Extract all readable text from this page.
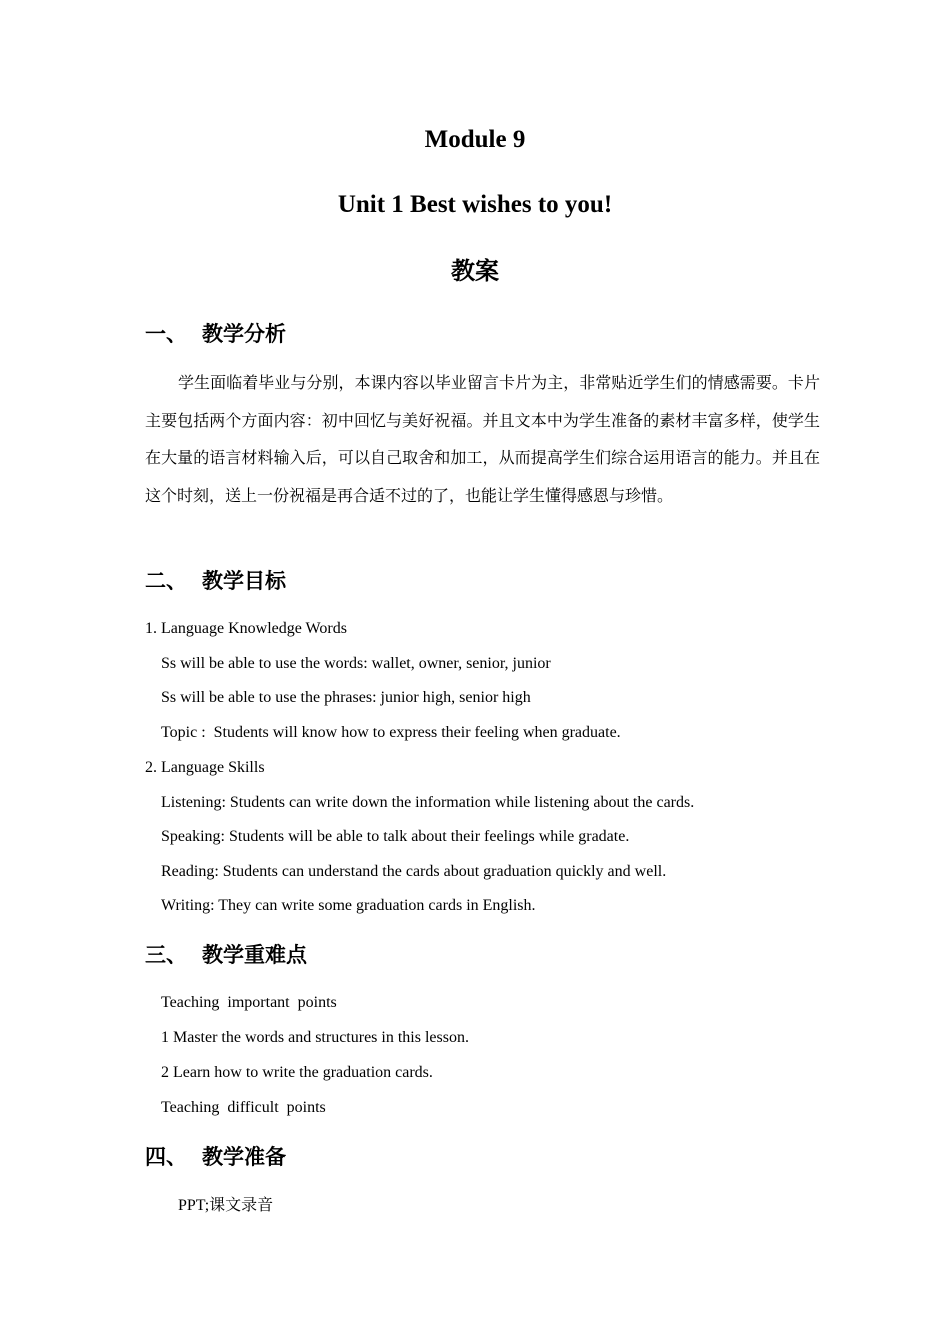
Module 9
Unit 1 Best wishes to you!
教案
一、 教学分析

学生面临着毕业与分别，本课内容以毕业留言卡片为主，非常贴近学生们的情感需要。卡片主要包括两个方面内容：初中回忆与美好祝福。并且文本中为学生准备的素材丰富多样，使学生在大量的语言材料输入后，可以自己取舍和加工，从而提高学生们综合运用语言的能力。并且在这个时刻，送上一份祝福是再合适不过的了，也能让学生懂得感恩与珍惜。

二、 教学目标
1. Language Knowledge Words
Ss will be able to use the words: wallet, owner, senior, junior
Ss will be able to use the phrases: junior high, senior high
Topic :  Students will know how to express their feeling when graduate.
2. Language Skills
Listening: Students can write down the information while listening about the cards.
Speaking: Students will be able to talk about their feelings while gradate.
Reading: Students can understand the cards about graduation quickly and well.
Writing: They can write some graduation cards in English.
三、 教学重难点
Teaching  important  points
1 Master the words and structures in this lesson.
2 Learn how to write the graduation cards.
Teaching  difficult  points
四、 教学准备
PPT;课文录音
